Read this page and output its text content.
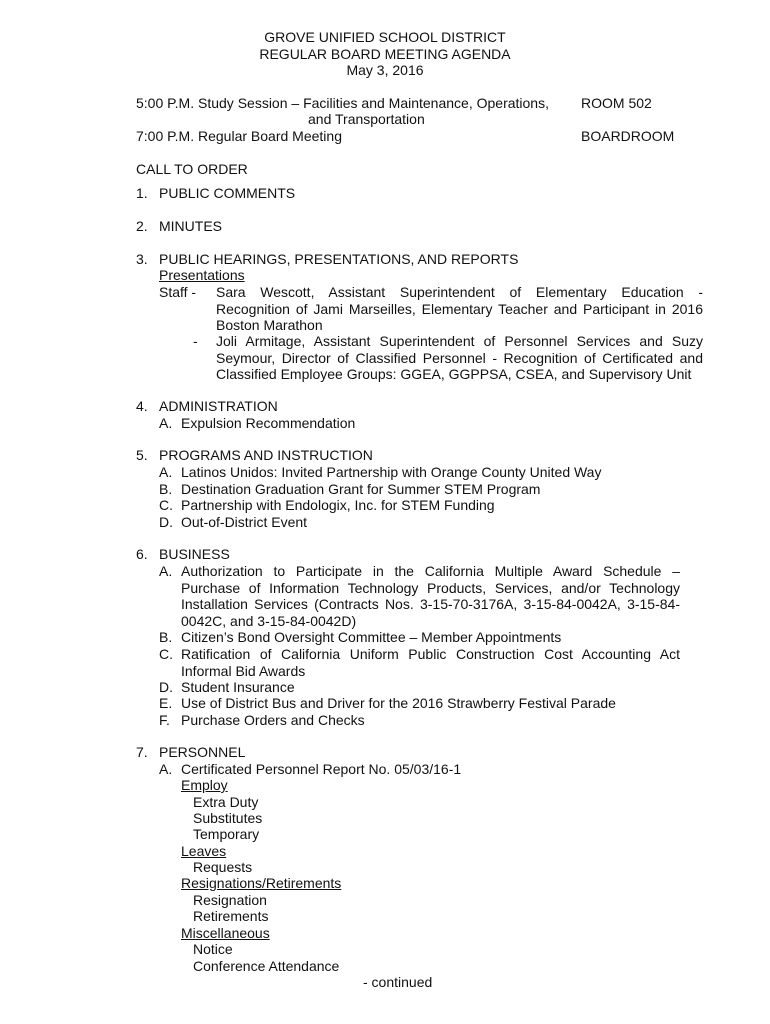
GROVE UNIFIED SCHOOL DISTRICT
REGULAR BOARD MEETING AGENDA
May 3, 2016
5:00 P.M. Study Session – Facilities and Maintenance, Operations, ROOM 502
and Transportation
7:00 P.M. Regular Board Meeting	BOARDROOM
CALL TO ORDER
1. PUBLIC COMMENTS
2. MINUTES
3. PUBLIC HEARINGS, PRESENTATIONS, AND REPORTS
Presentations
Staff - Sara Wescott, Assistant Superintendent of Elementary Education - Recognition of Jami Marseilles, Elementary Teacher and Participant in 2016 Boston Marathon
- Joli Armitage, Assistant Superintendent of Personnel Services and Suzy Seymour, Director of Classified Personnel - Recognition of Certificated and Classified Employee Groups: GGEA, GGPPSA, CSEA, and Supervisory Unit
4. ADMINISTRATION
A. Expulsion Recommendation
5. PROGRAMS AND INSTRUCTION
A. Latinos Unidos: Invited Partnership with Orange County United Way
B. Destination Graduation Grant for Summer STEM Program
C. Partnership with Endologix, Inc. for STEM Funding
D. Out-of-District Event
6. BUSINESS
A. Authorization to Participate in the California Multiple Award Schedule – Purchase of Information Technology Products, Services, and/or Technology Installation Services (Contracts Nos. 3-15-70-3176A, 3-15-84-0042A, 3-15-84-0042C, and 3-15-84-0042D)
B. Citizen’s Bond Oversight Committee – Member Appointments
C. Ratification of California Uniform Public Construction Cost Accounting Act Informal Bid Awards
D. Student Insurance
E. Use of District Bus and Driver for the 2016 Strawberry Festival Parade
F. Purchase Orders and Checks
7. PERSONNEL
A. Certificated Personnel Report No. 05/03/16-1
Employ
Extra Duty
Substitutes
Temporary
Leaves
Requests
Resignations/Retirements
Resignation
Retirements
Miscellaneous
Notice
Conference Attendance
- continued
